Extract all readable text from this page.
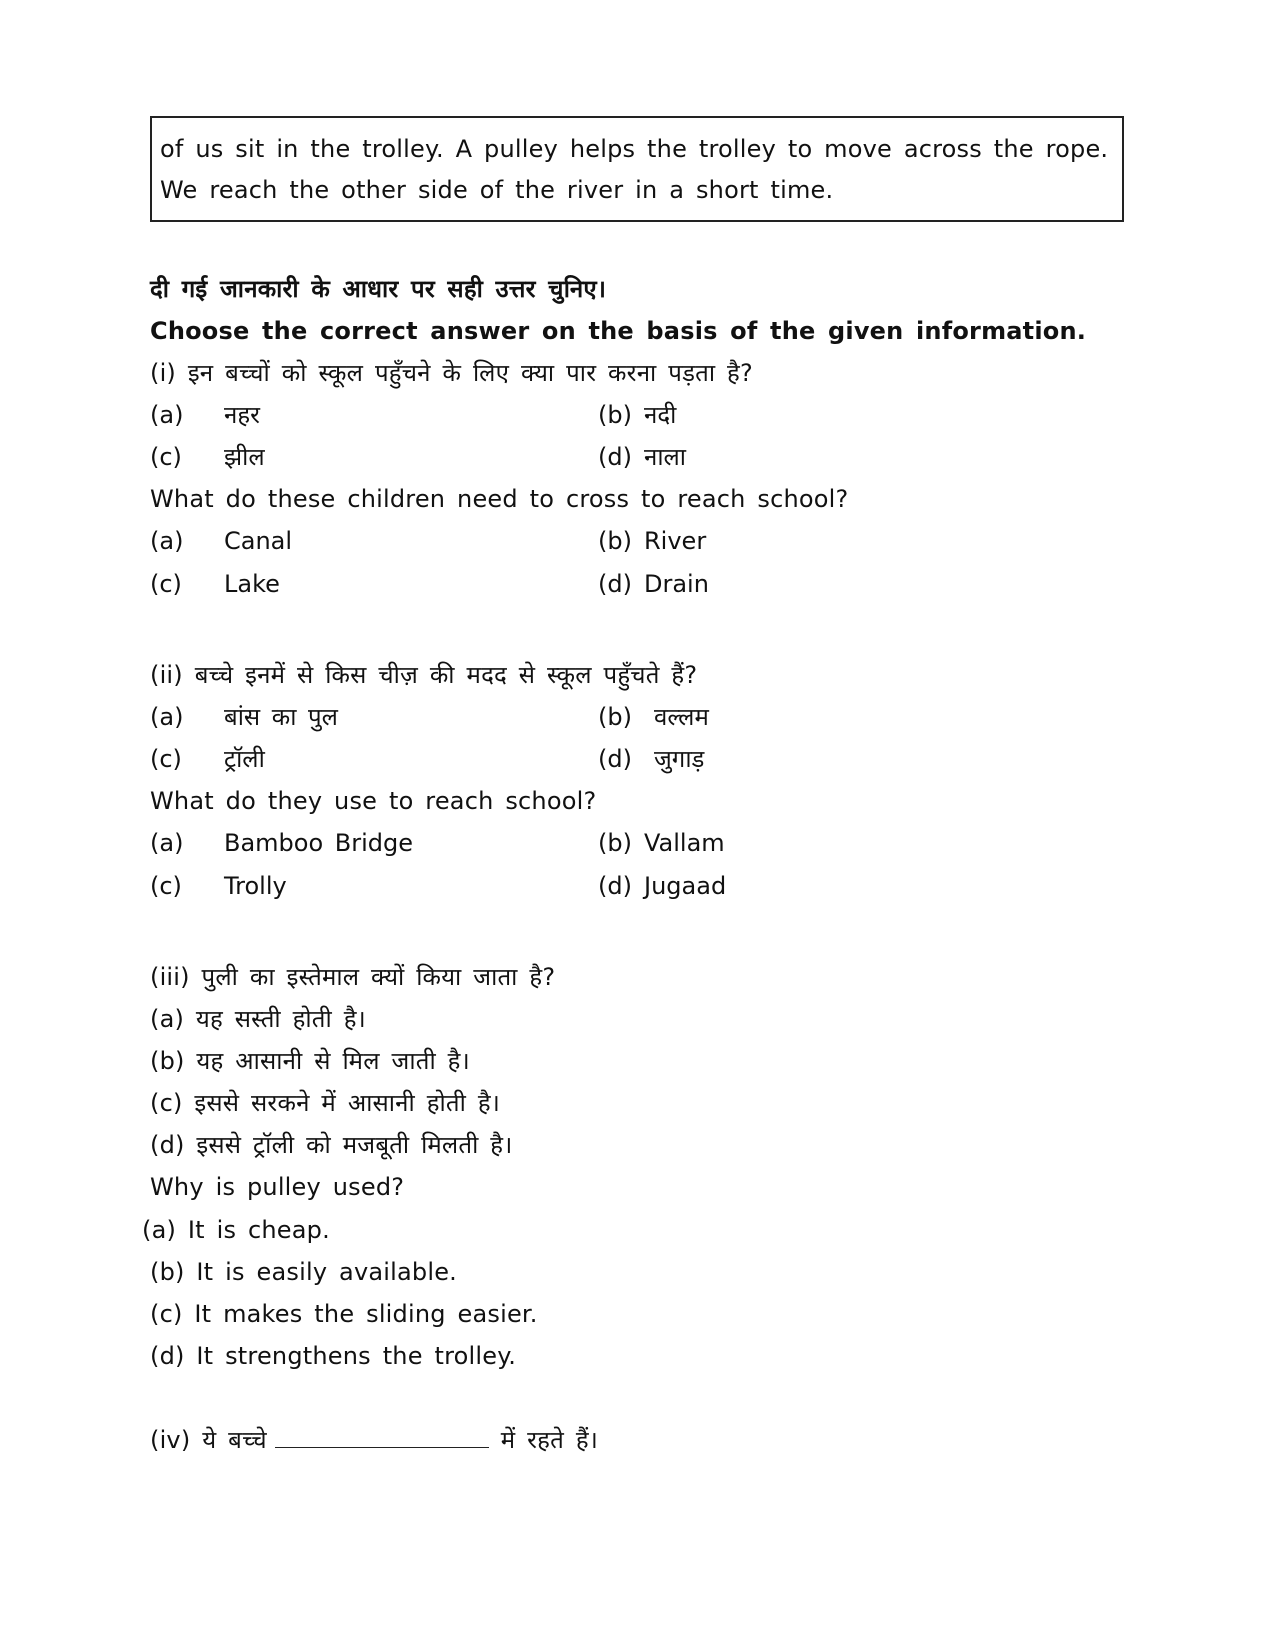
of us sit in the trolley. A pulley helps the trolley to move across the rope.
We reach the other side of the river in a short time.
दी गई जानकारी के आधार पर सही उत्तर चुनिए।
Choose the correct answer on the basis of the given information.
(i) इन बच्चों को स्कूल पहुँचने के लिए क्या पार करना पड़ता है?
(a) नहर	(b) नदी
(c) झील	(d) नाला
What do these children need to cross to reach school?
(a) Canal	(b) River
(c) Lake	(d) Drain
(ii) बच्चे इनमें से किस चीज़ की मदद से स्कूल पहुँचते हैं?
(a) बांस का पुल	(b) वल्लम
(c) ट्रॉली	(d) जुगाड़
What do they use to reach school?
(a) Bamboo Bridge	(b) Vallam
(c) Trolly	(d) Jugaad
(iii) पुली का इस्तेमाल क्यों किया जाता है?
(a) यह सस्ती होती है।
(b) यह आसानी से मिल जाती है।
(c) इससे सरकने में आसानी होती है।
(d) इससे ट्रॉली को मजबूती मिलती है।
Why is pulley used?
(a) It is cheap.
(b) It is easily available.
(c) It makes the sliding easier.
(d) It strengthens the trolley.
(iv) ये बच्चे	में रहते हैं।
